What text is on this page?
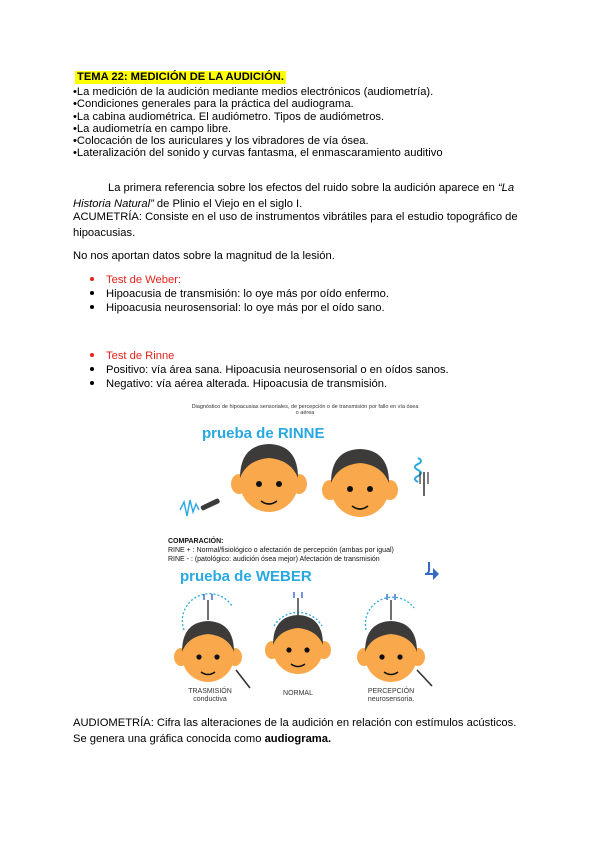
TEMA 22: MEDICIÓN DE LA AUDICIÓN.
•La medición de la audición mediante medios electrónicos (audiometría).
•Condiciones generales para la práctica del audiograma.
•La cabina audiométrica. El audiómetro. Tipos de audiómetros.
•La audiometría en campo libre.
•Colocación de los auriculares y los vibradores de vía ósea.
•Lateralización del sonido y curvas fantasma, el enmascaramiento auditivo
La primera referencia sobre los efectos del ruido sobre la audición aparece en “La Historia Natural” de Plinio el Viejo en el siglo I.
ACUMETRÍA: Consiste en el uso de instrumentos vibrátiles para el estudio topográfico de hipoacusias.
No nos aportan datos sobre la magnitud de la lesión.
Test de Weber:
Hipoacusia de transmisión: lo oye más por oído enfermo.
Hipoacusia neurosensorial: lo oye más por el oído sano.
Test de Rinne
Positivo: vía área sana. Hipoacusia neurosensorial o en oídos sanos.
Negativo: vía aérea alterada. Hipoacusia de transmisión.
Diagnóstico de hipoacusias sensoriales, de percepción o de transmisión por fallo en vía ósea o aérea
prueba de RINNE
COMPARACIÓN:
RINE + : Normal/fisiológico o afectación de percepción (ambas por igual)
RINE - : (patológico: audición ósea mejor) Afectación de transmisión
prueba de WEBER
TRASMISIÓN conductiva
NORMAL	PERCEPCIÓN neurosensoria.
AUDIOMETRÍA: Cifra las alteraciones de la audición en relación con estímulos acústicos. Se genera una gráfica conocida como audiograma.
